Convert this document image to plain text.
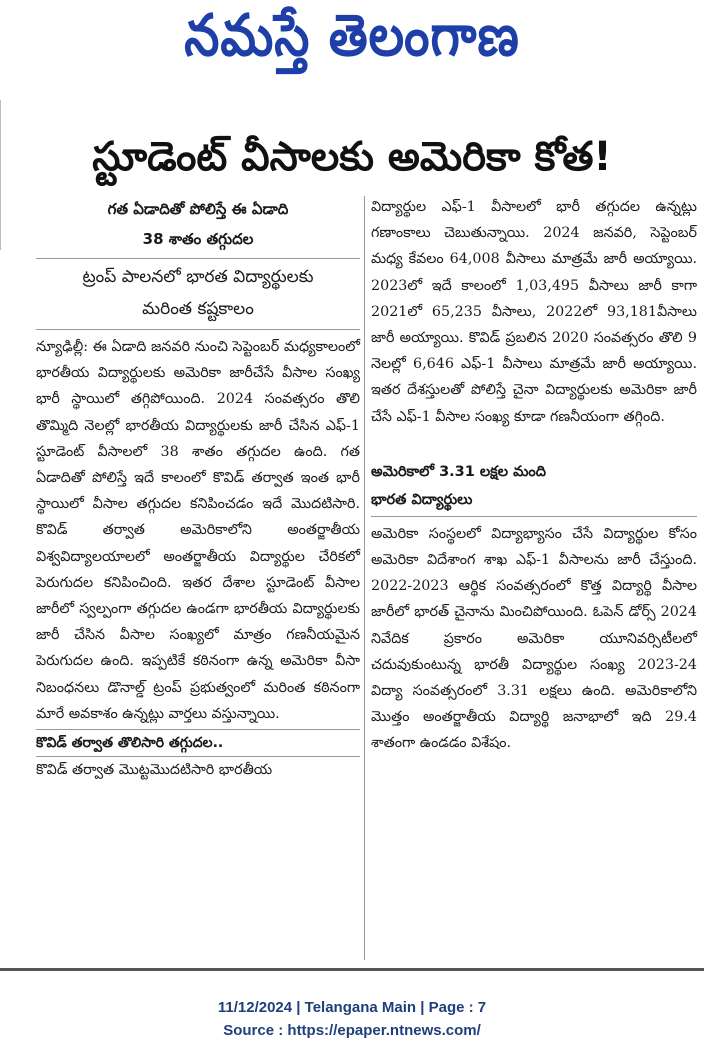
నమస్తే తెలంగాణ
స్టూడెంట్ వీసాలకు అమెరికా కోత!
గత ఏడాదితో పోలిస్తే ఈ ఏడాది
38 శాతం తగ్గుదల
ట్రంప్ పాలనలో భారత విద్యార్థులకు
మరింత కష్టకాలం

న్యూఢిల్లీ: ఈ ఏడాది జనవరి నుంచి సెప్టెంబర్ మధ్యకాలంలో భారతీయ విద్యార్థులకు అమెరికా జారీచేసే వీసాల సంఖ్య భారీ స్థాయిలో తగ్గిపోయింది. 2024 సంవత్సరం తొలి తొమ్మిది నెలల్లో భారతీయ విద్యార్థులకు జారీ చేసిన ఎఫ్-1 స్టూడెంట్ వీసాలలో 38 శాతం తగ్గుదల ఉంది. గత ఏడాదితో పోలిస్తే ఇదే కాలంలో కొవిడ్ తర్వాత ఇంత భారీ స్థాయిలో వీసాల తగ్గుదల కనిపించడం ఇదే మొదటిసారి. కొవిడ్ తర్వాత అమెరికాలోని అంతర్జాతీయ విశ్వవిద్యాలయాలలో అంతర్జాతీయ విద్యార్థుల చేరికలో పెరుగుదల కనిపించింది. ఇతర దేశాల స్టూడెంట్ వీసాల జారీలో స్వల్పంగా తగ్గుదల ఉండగా భారతీయ విద్యార్థులకు జారీ చేసిన వీసాల సంఖ్యలో మాత్రం గణనీయమైన పెరుగుదల ఉంది. ఇప్పటికే కఠినంగా ఉన్న అమెరికా వీసా నిబంధనలు డొనాల్డ్ ట్రంప్ ప్రభుత్వంలో మరింత కఠినంగా మారే అవకాశం ఉన్నట్లు వార్తలు వస్తున్నాయి.

కొవిడ్ తర్వాత తొలిసారి తగ్గుదల..

కొవిడ్ తర్వాత మొట్టమొదటిసారి భారతీయ

విద్యార్థుల ఎఫ్-1 వీసాలలో భారీ తగ్గుదల ఉన్నట్లు గణాంకాలు చెబుతున్నాయి. 2024 జనవరి, సెప్టెంబర్ మధ్య కేవలం 64,008 వీసాలు మాత్రమే జారీ అయ్యాయి. 2023లో ఇదే కాలంలో 1,03,495 వీసాలు జారీ కాగా 2021లో 65,235 వీసాలు, 2022లో 93,181వీసాలు జారీ అయ్యాయి. కొవిడ్ ప్రబలిన 2020 సంవత్సరం తొలి 9 నెలల్లో 6,646 ఎఫ్-1 వీసాలు మాత్రమే జారీ అయ్యాయి. ఇతర దేశస్తులతో పోలిస్తే చైనా విద్యార్థులకు అమెరికా జారీ చేసే ఎఫ్-1 వీసాల సంఖ్య కూడా గణనీయంగా తగ్గింది.

అమెరికాలో 3.31 లక్షల మంది
భారత విద్యార్థులు

అమెరికా సంస్థలలో విద్యాభ్యాసం చేసే విద్యార్థుల కోసం అమెరికా విదేశాంగ శాఖ ఎఫ్-1 వీసాలను జారీ చేస్తుంది. 2022-2023 ఆర్థిక సంవత్సరంలో కొత్త విద్యార్థి వీసాల జారీలో భారత్ చైనాను మించిపోయింది. ఓపెన్ డోర్స్ 2024 నివేదిక ప్రకారం అమెరికా యూనివర్సిటీలలో చదువుకుంటున్న భారతీ విద్యార్థుల సంఖ్య 2023-24 విద్యా సంవత్సరంలో 3.31 లక్షలు ఉంది. అమెరికాలోని మొత్తం అంతర్జాతీయ విద్యార్థి జనాభాలో ఇది 29.4 శాతంగా ఉండడం విశేషం.

11/12/2024 | Telangana Main | Page : 7
Source : https://epaper.ntnews.com/
